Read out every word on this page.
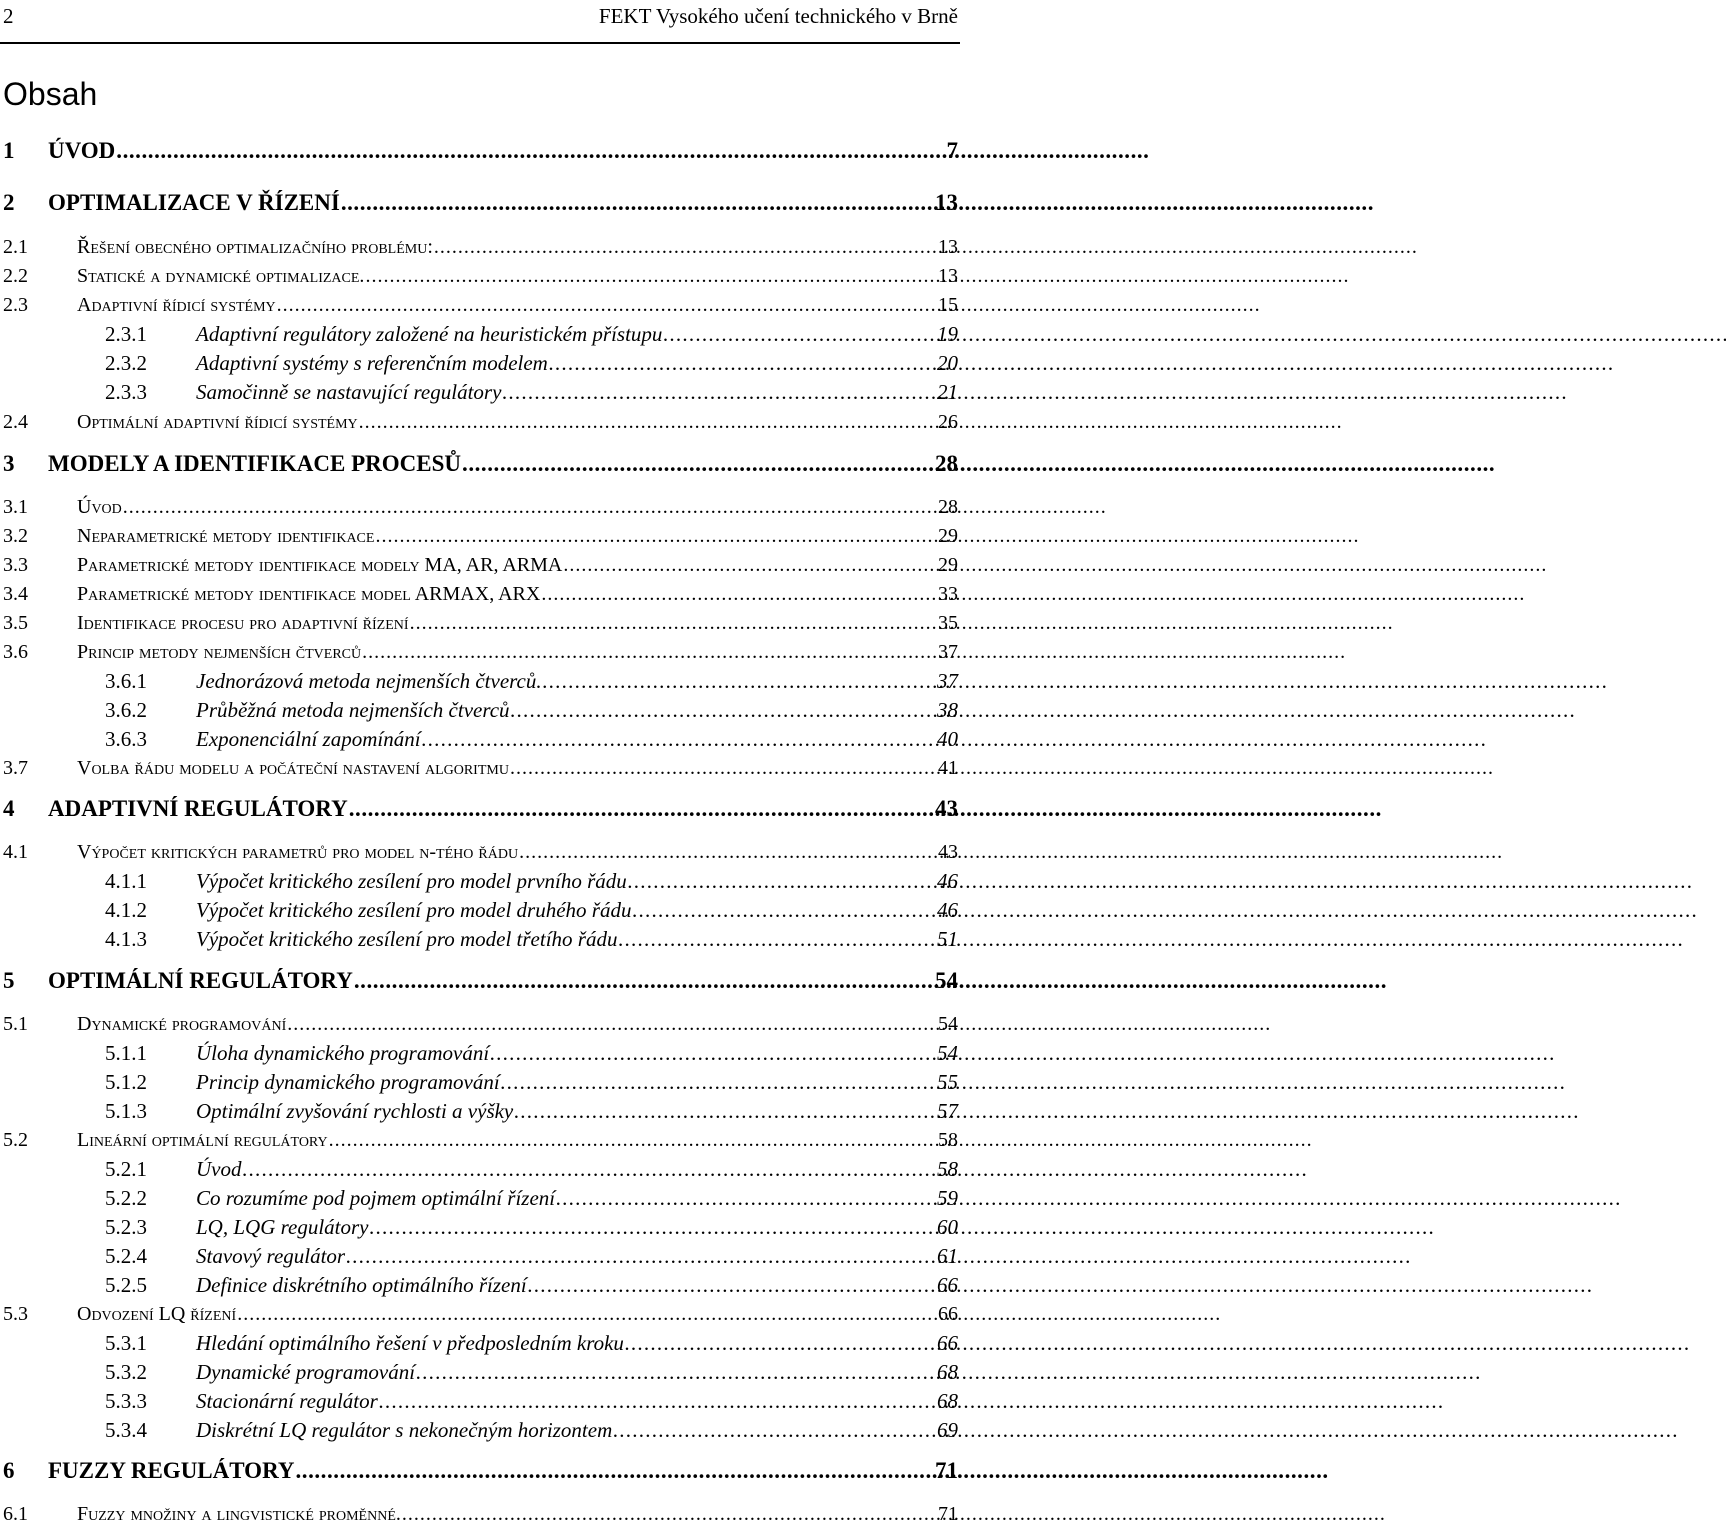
2	FEKT Vysokého učení technického v Brně
Obsah
1 ÚVOD . . .	7
2 OPTIMALIZACE V ŘÍZENÍ . . .	13
2.1 Řešení obecného optimalizačního problému: . . .	13
2.2 Statické a dynamické optimalizace. . . .	13
2.3 Adaptivní řídicí systémy . . .	15
2.3.1 Adaptivní regulátory založené na heuristickém přístupu . . .	19
2.3.2 Adaptivní systémy s referenčním modelem . . .	20
2.3.3 Samočinně se nastavující regulátory . . .	21
2.4 Optimální adaptivní řídicí systémy . . .	26
3 MODELY A IDENTIFIKACE PROCESŮ . . .	28
3.1 Úvod . . .	28
3.2 Neparametrické metody identifikace . . .	29
3.3 Parametrické metody identifikace modely MA, AR, ARMA . . .	29
3.4 Parametrické metody identifikace model ARMAX, ARX . . .	33
3.5 Identifikace procesu pro adaptivní řízení . . .	35
3.6 Princip metody nejmenších čtverců . . .	37
3.6.1 Jednorázová metoda nejmenších čtverců. . . .	37
3.6.2 Průběžná metoda nejmenších čtverců . . .	38
3.6.3 Exponenciální zapomínání . . .	40
3.7 Volba řádu modelu a počáteční nastavení algoritmu . . .	41
4 ADAPTIVNÍ REGULÁTORY . . .	43
4.1 Výpočet kritických parametrů pro model n-tého řádu . . .	43
4.1.1 Výpočet kritického zesílení pro model prvního řádu . . .	46
4.1.2 Výpočet kritického zesílení pro model druhého řádu . . .	46
4.1.3 Výpočet kritického zesílení pro model třetího řádu . . .	51
5 OPTIMÁLNÍ REGULÁTORY . . .	54
5.1 Dynamické programování . . .	54
5.1.1 Úloha dynamického programování . . .	54
5.1.2 Princip dynamického programování . . .	55
5.1.3 Optimální zvyšování rychlosti a výšky . . .	57
5.2 Lineární optimální regulátory . . .	58
5.2.1 Úvod . . .	58
5.2.2 Co rozumíme pod pojmem optimální řízení . . .	59
5.2.3 LQ, LQG regulátory . . .	60
5.2.4 Stavový regulátor . . .	61
5.2.5 Definice diskrétního optimálního řízení . . .	66
5.3 Odvození LQ řízení . . .	66
5.3.1 Hledání optimálního řešení v předposledním kroku . . .	66
5.3.2 Dynamické programování . . .	68
5.3.3 Stacionární regulátor . . .	68
5.3.4 Diskrétní LQ regulátor s nekonečným horizontem . . .	69
6 FUZZY REGULÁTORY . . .	71
6.1 Fuzzy množiny a lingvistické proměnné. . . .	71
